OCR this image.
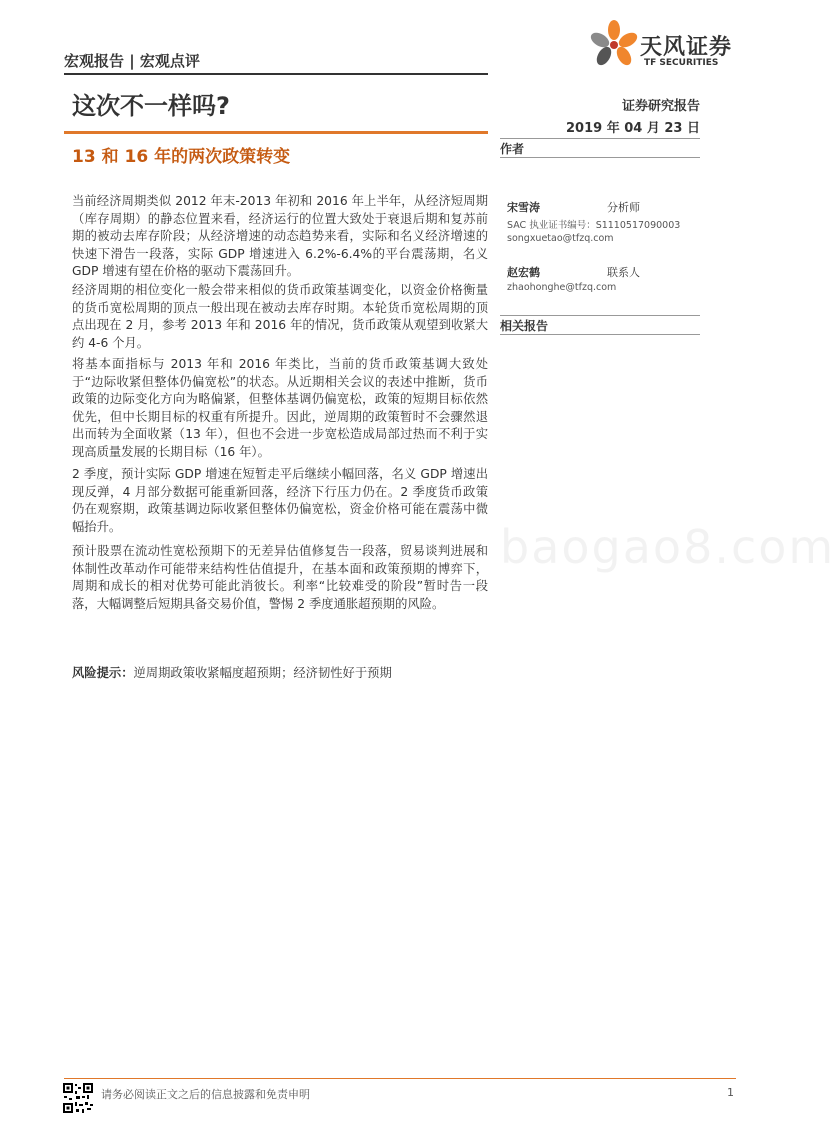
宏观报告 | 宏观点评
这次不一样吗?
天风证券
TF SECURITIES
证券研究报告
2019 年 04 月 23 日
13 和 16 年的两次政策转变	作者
宋雪涛	分析师
SAC 执业证书编号：S1110517090003
songxuetao@tfzq.com
赵宏鹤	联系人
zhaohonghe@tfzq.com
相关报告
当前经济周期类似 2012 年末-2013 年初和 2016 年上半年，从经济短周期（库存周期）的静态位置来看，经济运行的位置大致处于衰退后期和复苏前期的被动去库存阶段；从经济增速的动态趋势来看，实际和名义经济增速的快速下滑告一段落，实际 GDP 增速进入 6.2%-6.4%的平台震荡期，名义 GDP 增速有望在价格的驱动下震荡回升。
经济周期的相位变化一般会带来相似的货币政策基调变化，以资金价格衡量的货币宽松周期的顶点一般出现在被动去库存时期。本轮货币宽松周期的顶点出现在 2 月，参考 2013 年和 2016 年的情况，货币政策从观望到收紧大约 4-6 个月。
将基本面指标与 2013 年和 2016 年类比，当前的货币政策基调大致处于“边际收紧但整体仍偏宽松”的状态。从近期相关会议的表述中推断，货币政策的边际变化方向为略偏紧，但整体基调仍偏宽松，政策的短期目标依然优先，但中长期目标的权重有所提升。因此，逆周期的政策暂时不会骤然退出而转为全面收紧（13 年），但也不会进一步宽松造成局部过热而不利于实现高质量发展的长期目标（16 年）。
2 季度，预计实际 GDP 增速在短暂走平后继续小幅回落，名义 GDP 增速出现反弹，4 月部分数据可能重新回落，经济下行压力仍在。2 季度货币政策仍在观察期，政策基调边际收紧但整体仍偏宽松，资金价格可能在震荡中微幅抬升。
预计股票在流动性宽松预期下的无差异估值修复告一段落，贸易谈判进展和体制性改革动作可能带来结构性估值提升，在基本面和政策预期的博弈下，周期和成长的相对优势可能此消彼长。利率“比较难受的阶段”暂时告一段落，大幅调整后短期具备交易价值，警惕 2 季度通胀超预期的风险。
baogao8.com
风险提示：逆周期政策收紧幅度超预期；经济韧性好于预期
请务必阅读正文之后的信息披露和免责申明	1
